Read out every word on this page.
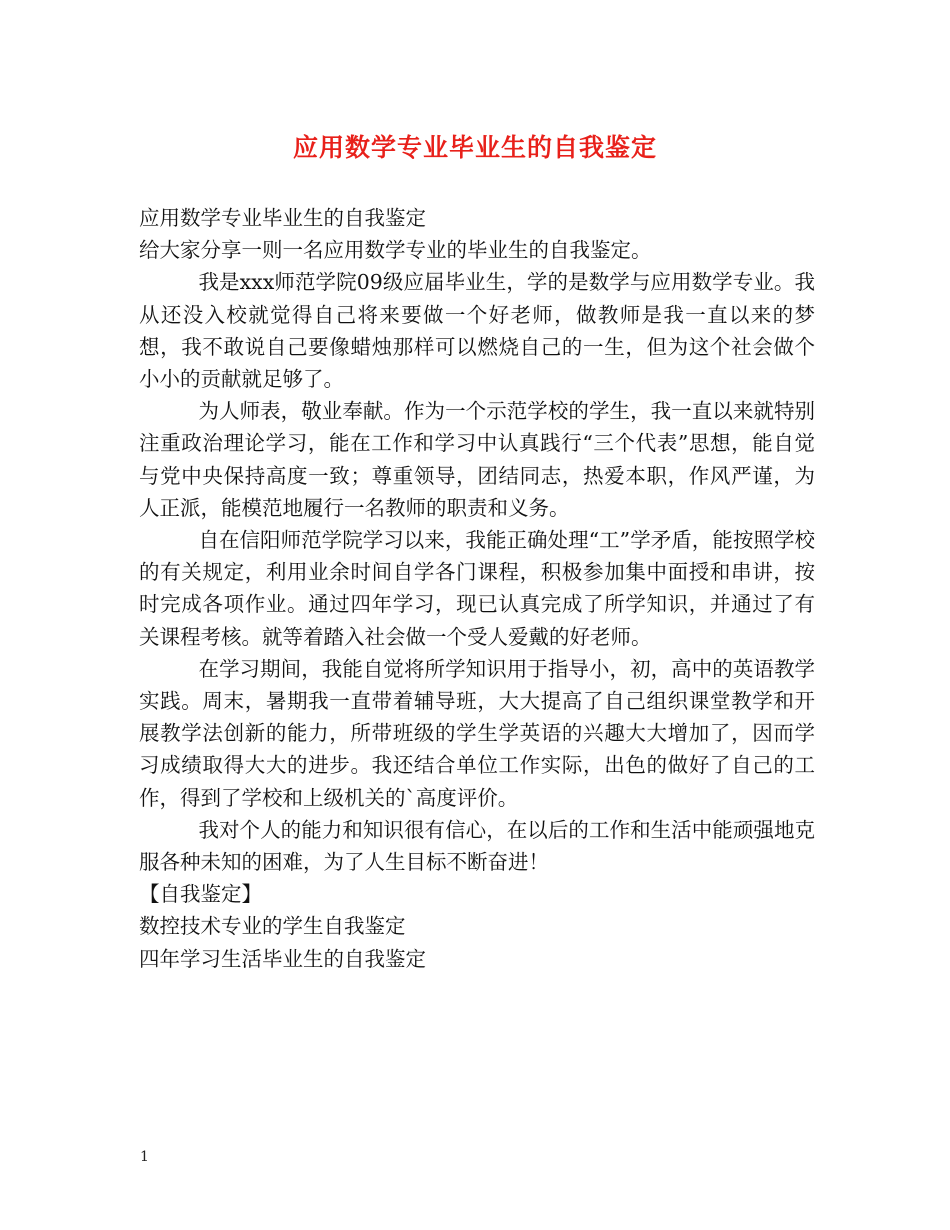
应用数学专业毕业生的自我鉴定

应用数学专业毕业生的自我鉴定

给大家分享一则一名应用数学专业的毕业生的自我鉴定。

我是xxx师范学院09级应届毕业生，学的是数学与应用数学专业。我从还没入校就觉得自己将来要做一个好老师，做教师是我一直以来的梦想，我不敢说自己要像蜡烛那样可以燃烧自己的一生，但为这个社会做个小小的贡献就足够了。

为人师表，敬业奉献。作为一个示范学校的学生，我一直以来就特别注重政治理论学习，能在工作和学习中认真践行“三个代表”思想，能自觉与党中央保持高度一致；尊重领导，团结同志，热爱本职，作风严谨，为人正派，能模范地履行一名教师的职责和义务。

自在信阳师范学院学习以来，我能正确处理“工”学矛盾，能按照学校的有关规定，利用业余时间自学各门课程，积极参加集中面授和串讲，按时完成各项作业。通过四年学习，现已认真完成了所学知识，并通过了有关课程考核。就等着踏入社会做一个受人爱戴的好老师。

在学习期间，我能自觉将所学知识用于指导小，初，高中的英语教学实践。周末，暑期我一直带着辅导班，大大提高了自己组织课堂教学和开展教学法创新的能力，所带班级的学生学英语的兴趣大大增加了，因而学习成绩取得大大的进步。我还结合单位工作实际，出色的做好了自己的工作，得到了学校和上级机关的`高度评价。

我对个人的能力和知识很有信心，在以后的工作和生活中能顽强地克服各种未知的困难，为了人生目标不断奋进！

【自我鉴定】

数控技术专业的学生自我鉴定

四年学习生活毕业生的自我鉴定

1
